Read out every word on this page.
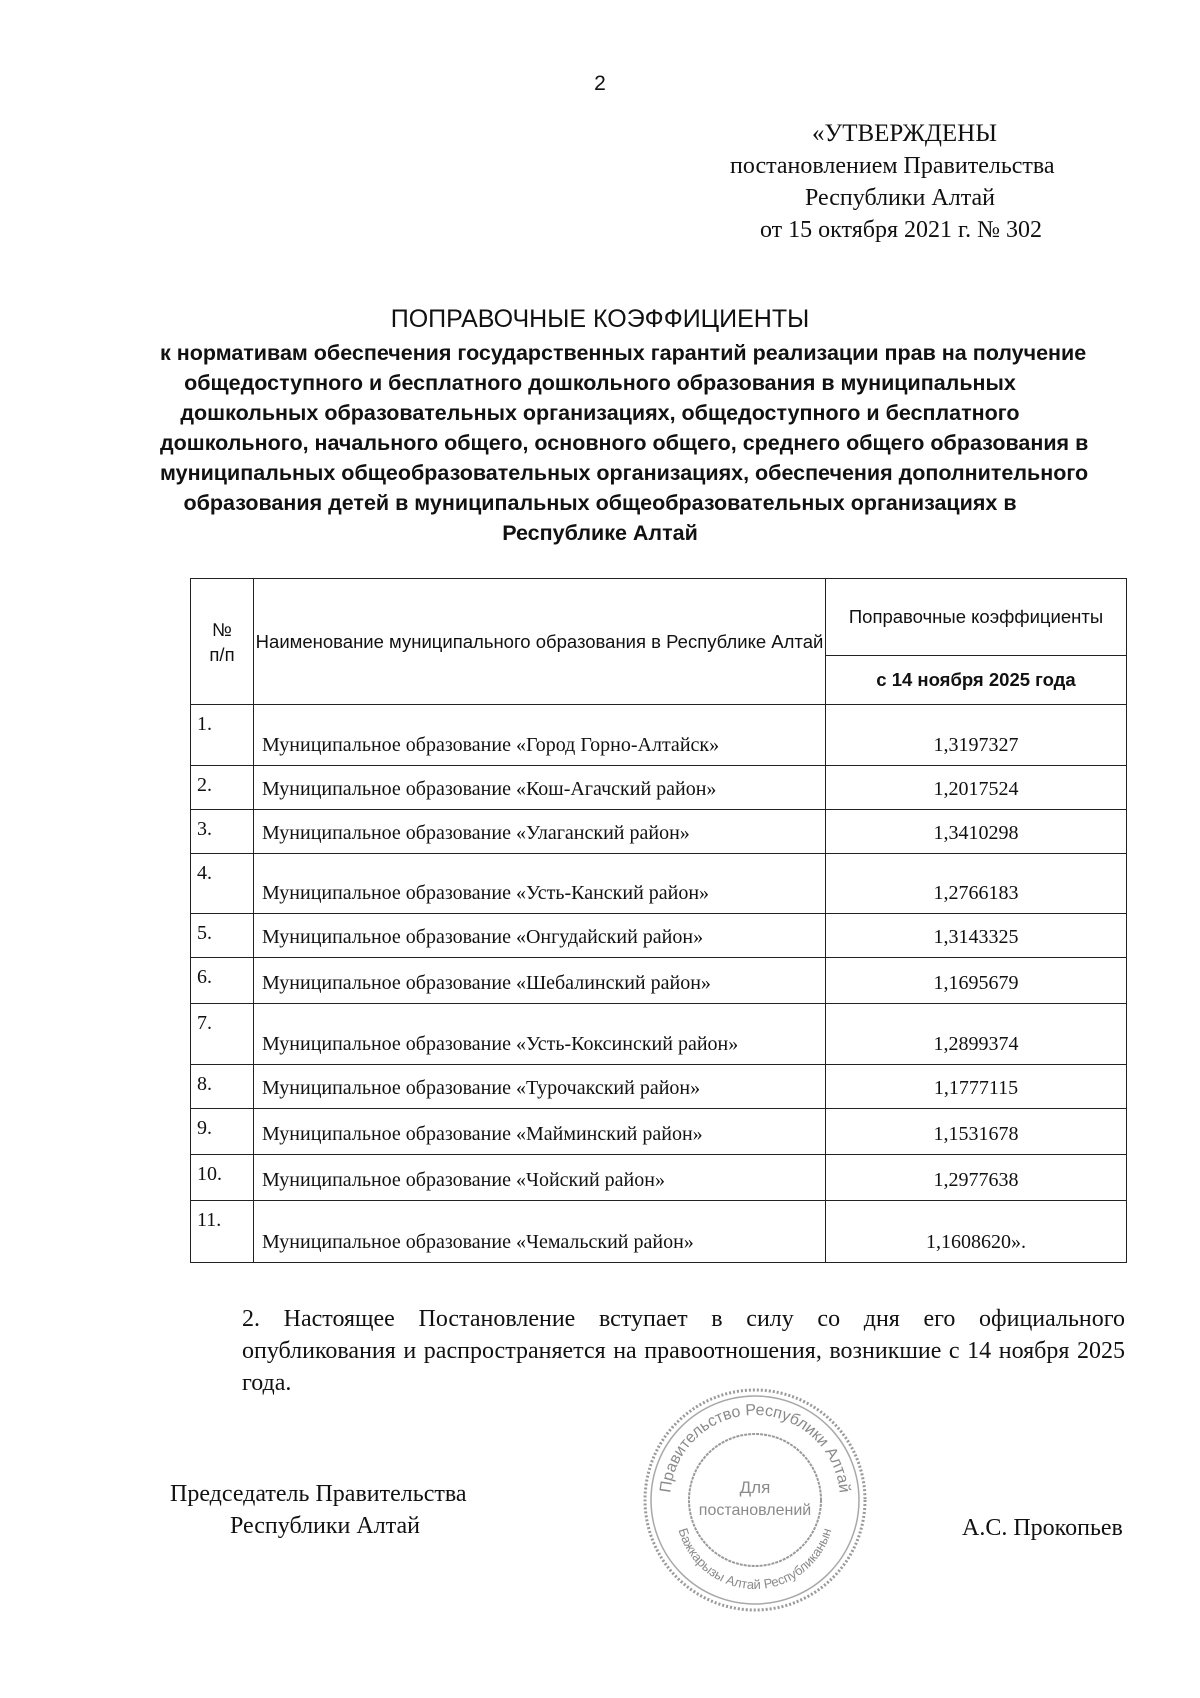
2
«УТВЕРЖДЕНЫ
постановлением Правительства
Республики Алтай
от 15 октября 2021 г. № 302
ПОПРАВОЧНЫЕ КОЭФФИЦИЕНТЫ
к нормативам обеспечения государственных гарантий реализации прав на получение
общедоступного и бесплатного дошкольного образования в муниципальных
дошкольных образовательных организациях, общедоступного и бесплатного
дошкольного, начального общего, основного общего, среднего общего образования в
муниципальных общеобразовательных организациях, обеспечения дополнительного
образования детей в муниципальных общеобразовательных организациях в
Республике Алтай
№
п/п	Наименование муниципального образования в Республике Алтай	Поправочные коэффициенты
		с 14 ноября 2025 года
1.	Муниципальное образование «Город Горно-Алтайск»	1,3197327
2.	Муниципальное образование «Кош-Агачский район»	1,2017524
3.	Муниципальное образование «Улаганский район»	1,3410298
4.	Муниципальное образование «Усть-Канский район»	1,2766183
5.	Муниципальное образование «Онгудайский район»	1,3143325
6.	Муниципальное образование «Шебалинский район»	1,1695679
7.	Муниципальное образование «Усть-Коксинский район»	1,2899374
8.	Муниципальное образование «Турочакский район»	1,1777115
9.	Муниципальное образование «Майминский район»	1,1531678
10.	Муниципальное образование «Чойский район»	1,2977638
11.	Муниципальное образование «Чемальский район»	1,1608620».
2. Настоящее Постановление вступает в силу со дня его официального опубликования и распространяется на правоотношения, возникшие с 14 ноября 2025 года.
Председатель Правительства
Республики Алтай
Правительство Республики Алтай
Бажкарызы Алтай Республиканын
Для
постановлений
А.С. Прокопьев
